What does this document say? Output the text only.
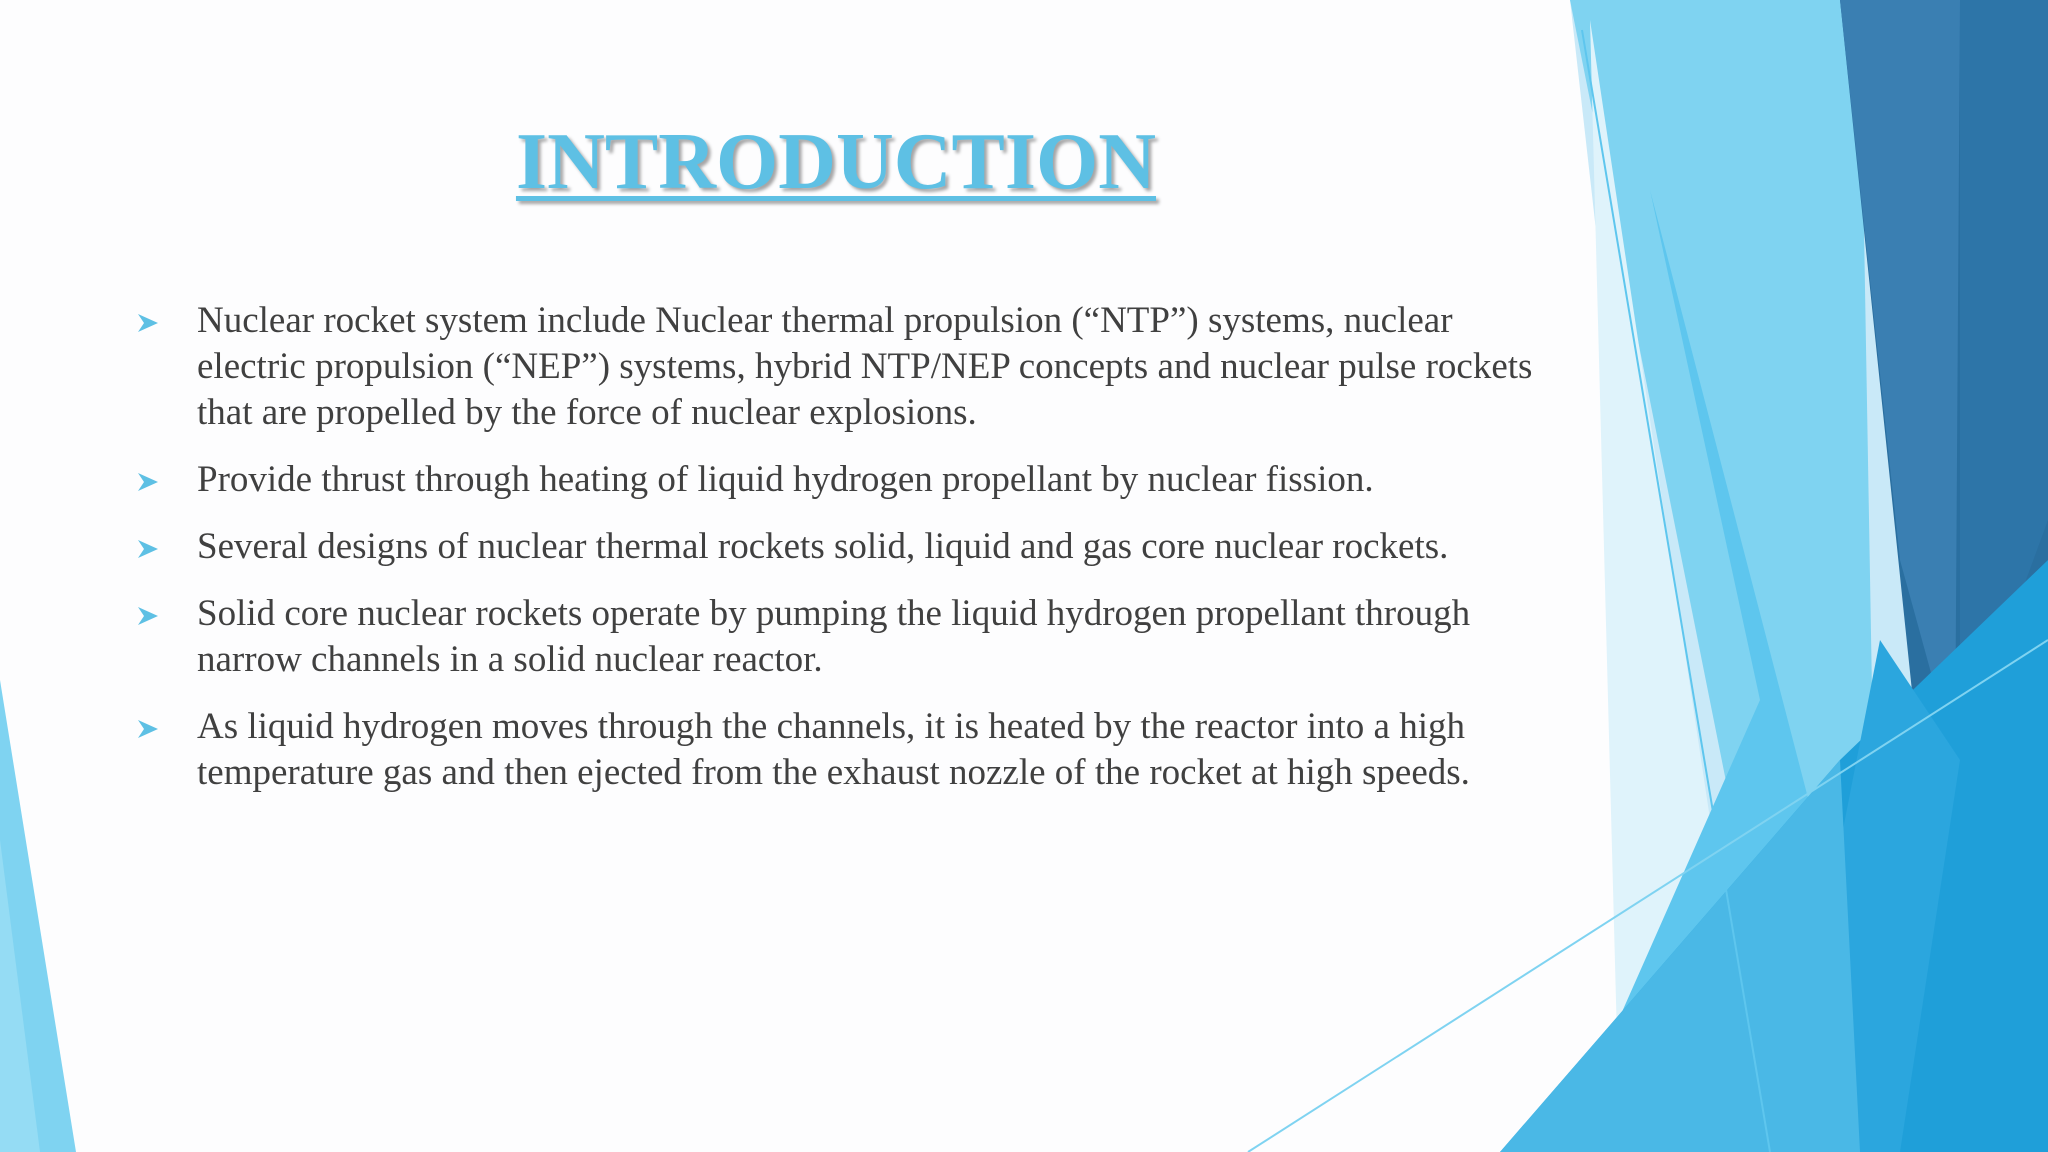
INTRODUCTION
Nuclear rocket system include Nuclear thermal propulsion (“NTP”) systems, nuclear electric propulsion (“NEP”) systems, hybrid NTP/NEP concepts and nuclear pulse rockets that are propelled by the force of nuclear explosions.
Provide thrust through heating of liquid hydrogen propellant by nuclear fission.
Several designs of nuclear thermal rockets solid, liquid and gas core nuclear rockets.
Solid core nuclear rockets operate by pumping the liquid hydrogen propellant through narrow channels in a solid nuclear reactor.
As liquid hydrogen moves through the channels, it is heated by the reactor into a high temperature gas and then ejected from the exhaust nozzle of the rocket at high speeds.
